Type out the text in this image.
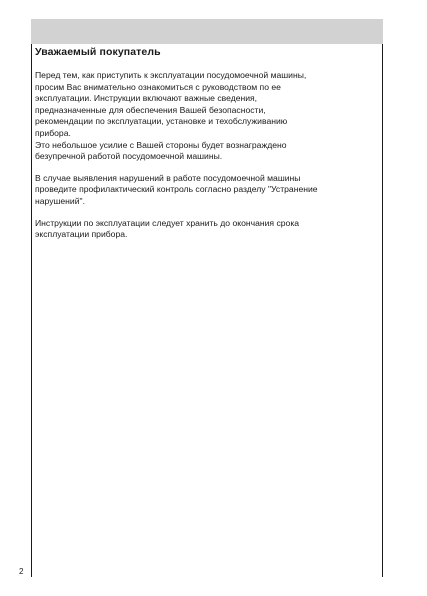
Уважаемый покупатель

Перед тем, как приступить к эксплуатации посудомоечной машины,
просим Вас внимательно ознакомиться с руководством по ее
эксплуатации. Инструкции включают важные сведения,
предназначенные для обеспечения Вашей безопасности,
рекомендации по эксплуатации, установке и техобслуживанию
прибора.
Это небольшое усилие с Вашей стороны будет вознаграждено
безупречной работой посудомоечной машины.

В случае выявления нарушений в работе посудомоечной машины
проведите профилактический контроль согласно разделу "Устранение
нарушений".

Инструкции по эксплуатации следует хранить до окончания срока
эксплуатации прибора.

2
